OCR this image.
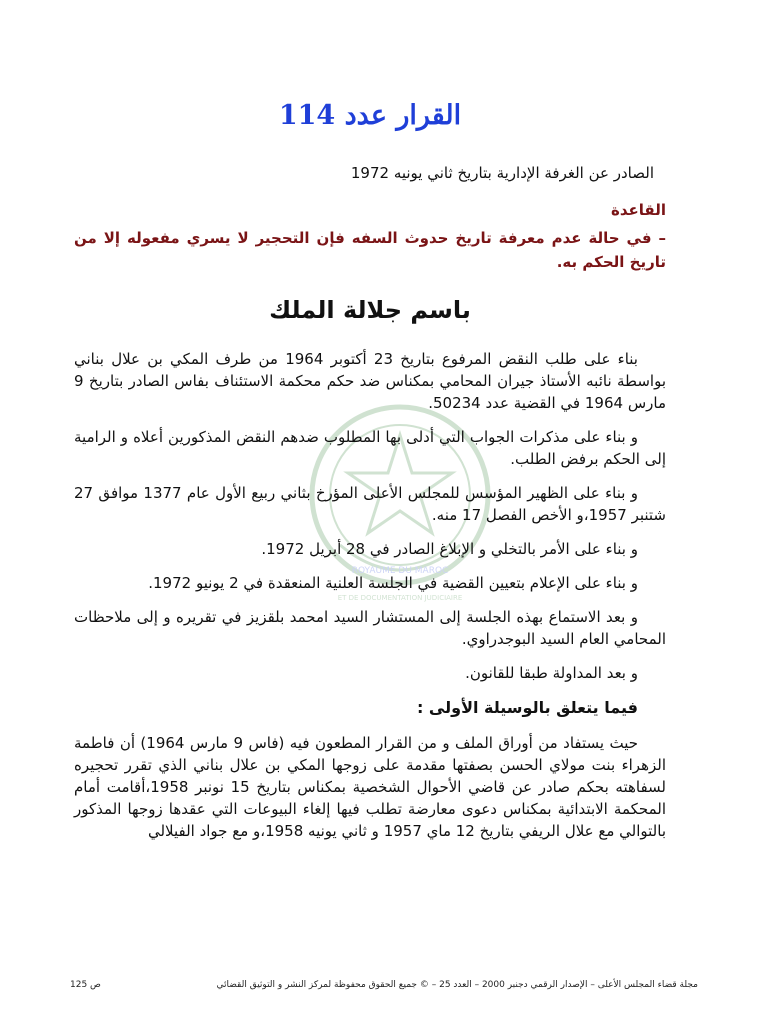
ROYAUME DU MAROC
ET DE DOCUMENTATION JUDICIAIRE
القرار عدد 114
الصادر عن الغرفة الإدارية بتاريخ ثاني يونيه 1972
القاعدة
– في حالة عدم معرفة تاريخ حدوث السفه فإن التحجير لا يسري مفعوله إلا من تاريخ الحكم به.
باسم جلالة الملك

بناء على طلب النقض المرفوع بتاريخ 23 أكتوبر 1964 من طرف المكي بن علال بناني بواسطة نائبه الأستاذ جيران المحامي بمكناس ضد حكم محكمة الاستئناف بفاس الصادر بتاريخ 9 مارس 1964 في القضية عدد 50234.

و بناء على مذكرات الجواب التي أدلى بها المطلوب ضدهم النقض المذكورين أعلاه و الرامية إلى الحكم برفض الطلب.

و بناء على الظهير المؤسس للمجلس الأعلى المؤرخ بثاني ربيع الأول عام 1377 موافق 27 شتنبر 1957،و الأخص الفصل 17 منه.

و بناء على الأمر بالتخلي و الإبلاغ الصادر في 28 أبريل 1972.

و بناء على الإعلام بتعيين القضية في الجلسة العلنية المنعقدة في 2 يونيو 1972.

و بعد الاستماع بهذه الجلسة إلى المستشار السيد امحمد بلقزيز في تقريره و إلى ملاحظات المحامي العام السيد البوجدراوي.

و بعد المداولة طبقا للقانون.

فيما يتعلق بالوسيلة الأولى :

حيث يستفاد من أوراق الملف و من القرار المطعون فيه (فاس 9 مارس 1964) أن فاطمة الزهراء بنت مولاي الحسن بصفتها مقدمة على زوجها المكي بن علال بناني الذي تقرر تحجيره لسفاهته بحكم صادر عن قاضي الأحوال الشخصية بمكناس بتاريخ 15 نونبر 1958،أقامت أمام المحكمة الابتدائية بمكناس دعوى معارضة تطلب فيها إلغاء البيوعات التي عقدها زوجها المذكور بالتوالي مع علال الريفي بتاريخ 12 ماي 1957 و ثاني يونيه 1958،و مع جواد الفيلالي

مجلة قضاء المجلس الأعلى – الإصدار الرقمي دجنبر 2000 – العدد 25 – © جميع الحقوق محفوظة لمركز النشر و التوثيق القضائي
ص 125
